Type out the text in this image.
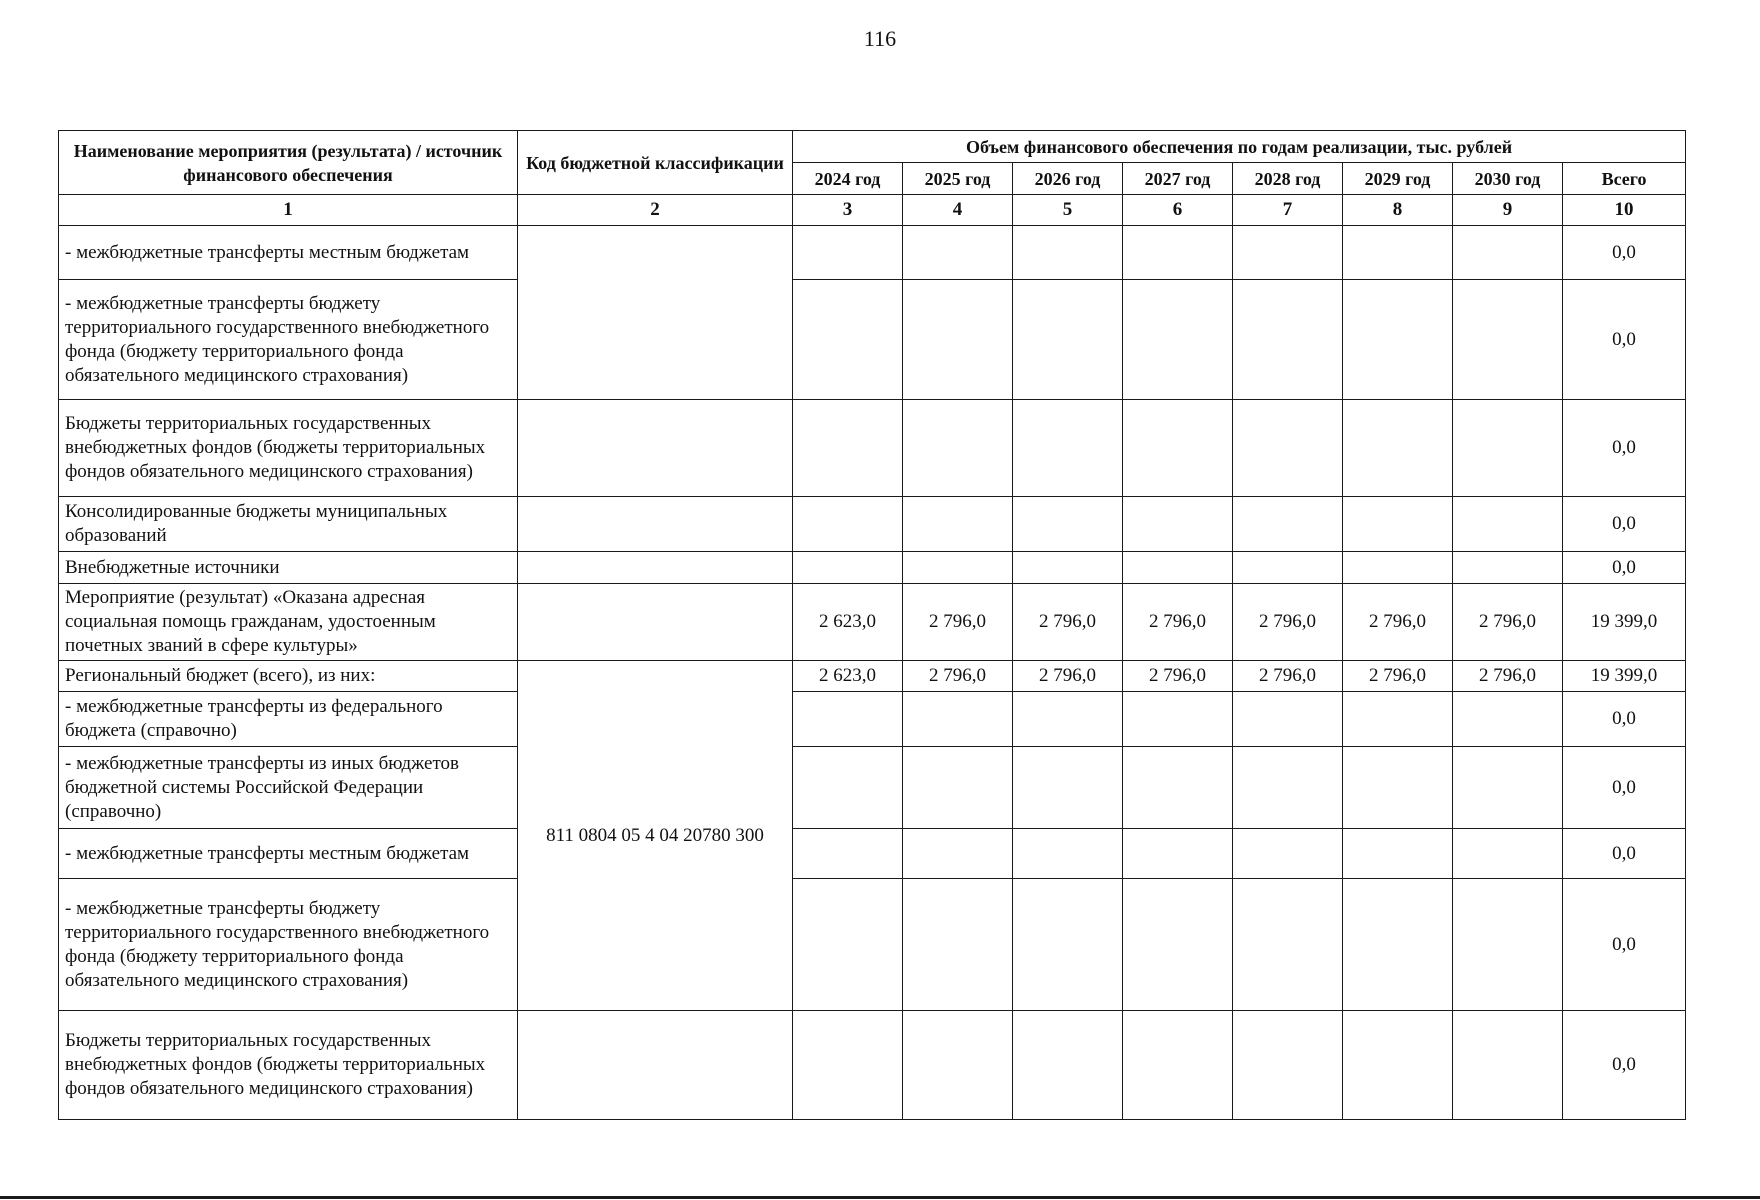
116
Наименование мероприятия (результата) / источник финансового обеспечения	Код бюджетной классификации	Объем финансового обеспечения по годам реализации, тыс. рублей							
		2024 год	2025 год	2026 год	2027 год	2028 год	2029 год	2030 год	Всего
1	2	3	4	5	6	7	8	9	10
- межбюджетные трансферты местным бюджетам									0,0
- межбюджетные трансферты бюджету территориального государственного внебюджетного фонда (бюджету территориального фонда обязательного медицинского страхования)									0,0
Бюджеты территориальных государственных внебюджетных фондов (бюджеты территориальных фондов обязательного медицинского страхования)									0,0
Консолидированные бюджеты муниципальных образований									0,0
Внебюджетные источники									0,0
Мероприятие (результат) «Оказана адресная социальная помощь гражданам, удостоенным почетных званий в сфере культуры»		2 623,0	2 796,0	2 796,0	2 796,0	2 796,0	2 796,0	2 796,0	19 399,0
Региональный бюджет (всего), из них:	811 0804 05 4 04 20780 300	2 623,0	2 796,0	2 796,0	2 796,0	2 796,0	2 796,0	2 796,0	19 399,0
- межбюджетные трансферты из федерального бюджета (справочно)									0,0
- межбюджетные трансферты из иных бюджетов бюджетной системы Российской Федерации (справочно)									0,0
- межбюджетные трансферты местным бюджетам									0,0
- межбюджетные трансферты бюджету территориального государственного внебюджетного фонда (бюджету территориального фонда обязательного медицинского страхования)									0,0
Бюджеты территориальных государственных внебюджетных фондов (бюджеты территориальных фондов обязательного медицинского страхования)									0,0
